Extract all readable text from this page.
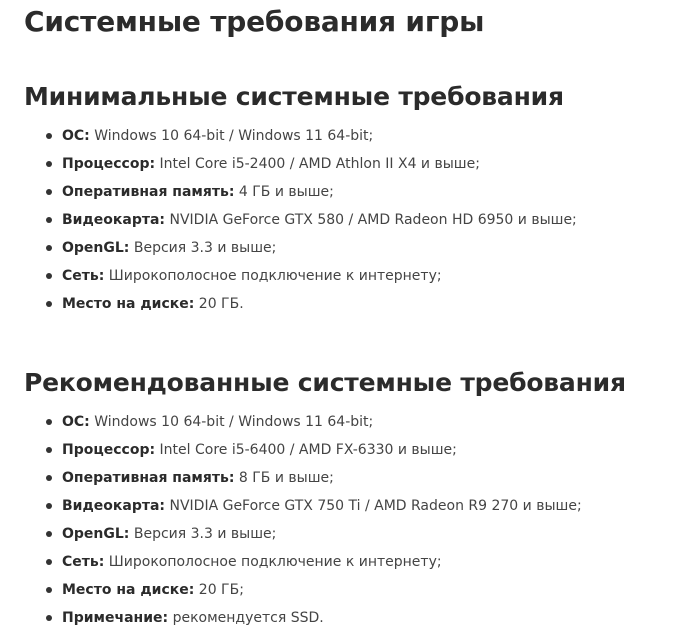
Системные требования игры
Минимальные системные требования
ОС: Windows 10 64-bit / Windows 11 64-bit;
Процессор: Intel Core i5-2400 / AMD Athlon II X4 и выше;
Оперативная память: 4 ГБ и выше;
Видеокарта: NVIDIA GeForce GTX 580 / AMD Radeon HD 6950 и выше;
OpenGL: Версия 3.3 и выше;
Сеть: Широкополосное подключение к интернету;
Место на диске: 20 ГБ.
Рекомендованные системные требования
ОС: Windows 10 64-bit / Windows 11 64-bit;
Процессор: Intel Core i5-6400 / AMD FX-6330 и выше;
Оперативная память: 8 ГБ и выше;
Видеокарта: NVIDIA GeForce GTX 750 Ti / AMD Radeon R9 270 и выше;
OpenGL: Версия 3.3 и выше;
Сеть: Широкополосное подключение к интернету;
Место на диске: 20 ГБ;
Примечание: рекомендуется SSD.
